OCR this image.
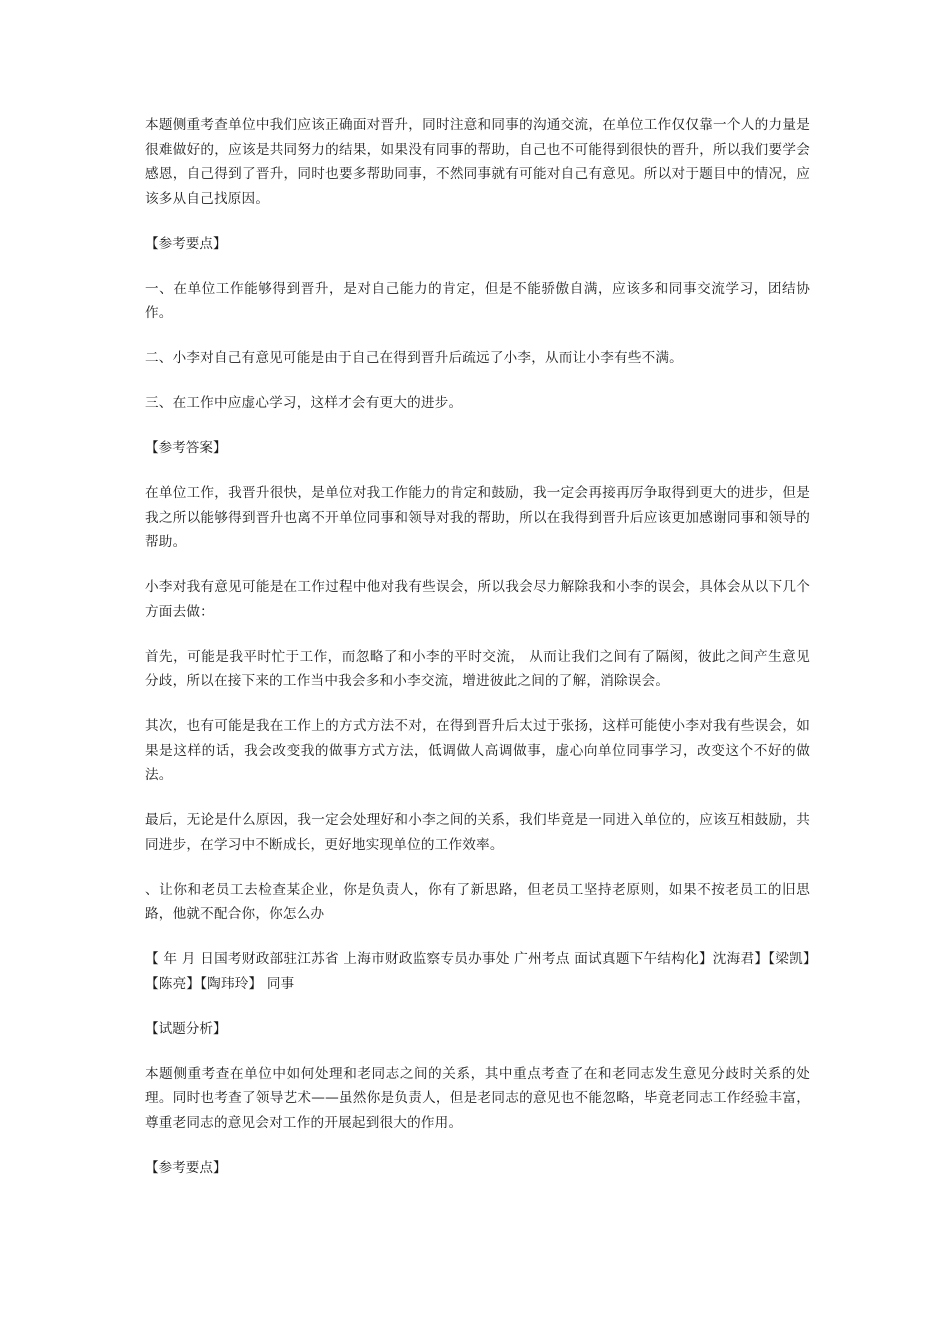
本题侧重考查单位中我们应该正确面对晋升，同时注意和同事的沟通交流，在单位工作仅仅靠一个人的力量是很难做好的，应该是共同努力的结果，如果没有同事的帮助，自己也不可能得到很快的晋升，所以我们要学会感恩，自己得到了晋升，同时也要多帮助同事，不然同事就有可能对自己有意见。所以对于题目中的情况，应该多从自己找原因。

【参考要点】

一、在单位工作能够得到晋升，是对自己能力的肯定，但是不能骄傲自满，应该多和同事交流学习，团结协作。

二、小李对自己有意见可能是由于自己在得到晋升后疏远了小李，从而让小李有些不满。

三、在工作中应虚心学习，这样才会有更大的进步。

【参考答案】

在单位工作，我晋升很快，是单位对我工作能力的肯定和鼓励，我一定会再接再厉争取得到更大的进步，但是我之所以能够得到晋升也离不开单位同事和领导对我的帮助，所以在我得到晋升后应该更加感谢同事和领导的帮助。

小李对我有意见可能是在工作过程中他对我有些误会，所以我会尽力解除我和小李的误会，具体会从以下几个方面去做：

首先，可能是我平时忙于工作，而忽略了和小李的平时交流， 从而让我们之间有了隔阂，彼此之间产生意见分歧，所以在接下来的工作当中我会多和小李交流，增进彼此之间的了解，消除误会。

其次，也有可能是我在工作上的方式方法不对，在得到晋升后太过于张扬，这样可能使小李对我有些误会，如果是这样的话，我会改变我的做事方式方法，低调做人高调做事，虚心向单位同事学习，改变这个不好的做法。

最后，无论是什么原因，我一定会处理好和小李之间的关系，我们毕竟是一同进入单位的，应该互相鼓励，共同进步，在学习中不断成长，更好地实现单位的工作效率。

、让你和老员工去检查某企业，你是负责人，你有了新思路，但老员工坚持老原则，如果不按老员工的旧思路，他就不配合你，你怎么办

【 年 月 日国考财政部驻江苏省 上海市财政监察专员办事处 广州考点 面试真题下午结构化】沈海君】【梁凯】【陈亮】【陶玮玲】 同事

【试题分析】

本题侧重考查在单位中如何处理和老同志之间的关系，其中重点考查了在和老同志发生意见分歧时关系的处理。同时也考查了领导艺术——虽然你是负责人，但是老同志的意见也不能忽略，毕竟老同志工作经验丰富，尊重老同志的意见会对工作的开展起到很大的作用。

【参考要点】
